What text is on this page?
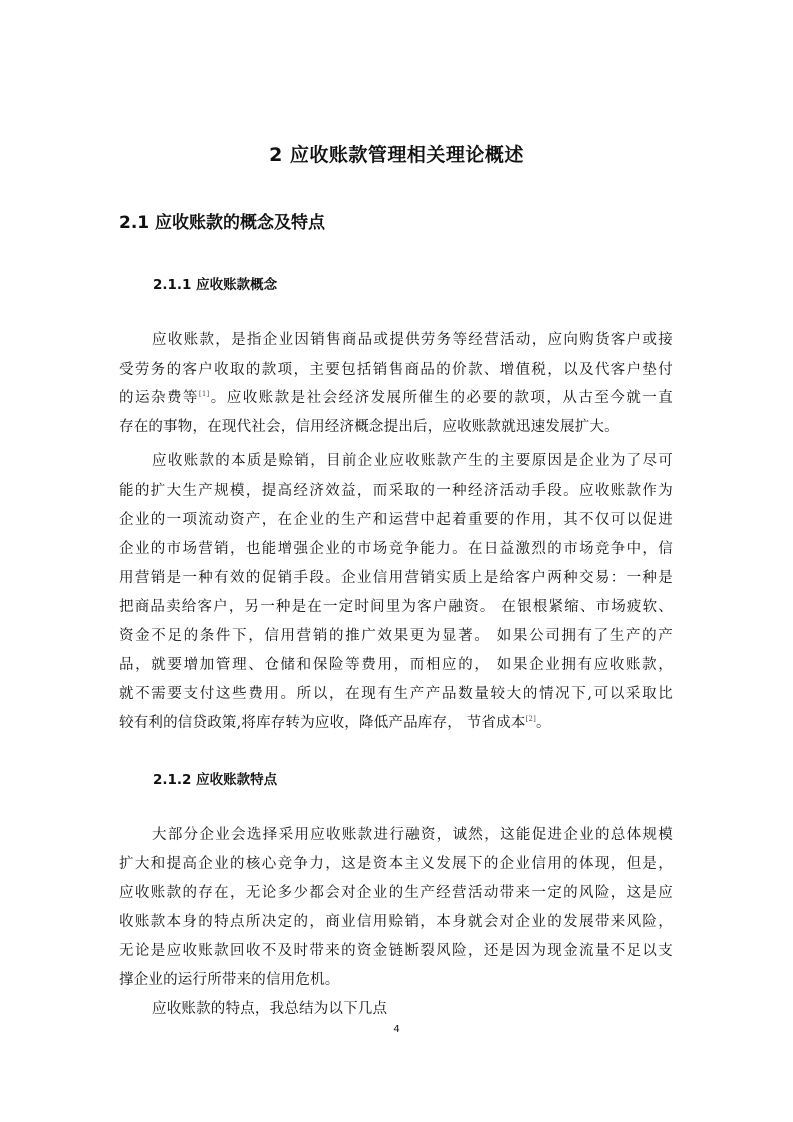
2 应收账款管理相关理论概述
2.1 应收账款的概念及特点
2.1.1 应收账款概念
应收账款，是指企业因销售商品或提供劳务等经营活动，应向购货客户或接
受劳务的客户收取的款项，主要包括销售商品的价款、增值税，以及代客户垫付
的运杂费等[1]。应收账款是社会经济发展所催生的必要的款项，从古至今就一直
存在的事物，在现代社会，信用经济概念提出后，应收账款就迅速发展扩大。
应收账款的本质是赊销，目前企业应收账款产生的主要原因是企业为了尽可
能的扩大生产规模，提高经济效益，而采取的一种经济活动手段。应收账款作为
企业的一项流动资产，在企业的生产和运营中起着重要的作用，其不仅可以促进
企业的市场营销，也能增强企业的市场竞争能力。在日益激烈的市场竞争中，信
用营销是一种有效的促销手段。企业信用营销实质上是给客户两种交易：一种是
把商品卖给客户，另一种是在一定时间里为客户融资。 在银根紧缩、市场疲软、
资金不足的条件下，信用营销的推广效果更为显著。 如果公司拥有了生产的产
品，就要增加管理、仓储和保险等费用，而相应的， 如果企业拥有应收账款，
就不需要支付这些费用。所以，在现有生产产品数量较大的情况下,可以采取比
较有利的信贷政策,将库存转为应收，降低产品库存， 节省成本[2]。
2.1.2 应收账款特点
大部分企业会选择采用应收账款进行融资，诚然，这能促进企业的总体规模
扩大和提高企业的核心竞争力，这是资本主义发展下的企业信用的体现，但是，
应收账款的存在，无论多少都会对企业的生产经营活动带来一定的风险，这是应
收账款本身的特点所决定的，商业信用赊销，本身就会对企业的发展带来风险，
无论是应收账款回收不及时带来的资金链断裂风险，还是因为现金流量不足以支
撑企业的运行所带来的信用危机。
应收账款的特点，我总结为以下几点
4
